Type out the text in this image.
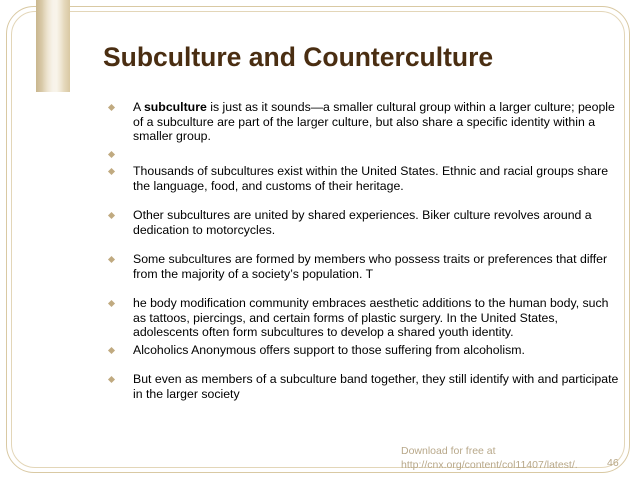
Subculture and Counterculture
A subculture is just as it sounds—a smaller cultural group within a larger culture; people of a subculture are part of the larger culture, but also share a specific identity within a smaller group.
Thousands of subcultures exist within the United States. Ethnic and racial groups share the language, food, and customs of their heritage.
Other subcultures are united by shared experiences. Biker culture revolves around a dedication to motorcycles.
Some subcultures are formed by members who possess traits or preferences that differ from the majority of a society’s population. T
he body modification community embraces aesthetic additions to the human body, such as tattoos, piercings, and certain forms of plastic surgery. In the United States, adolescents often form subcultures to develop a shared youth identity.
Alcoholics Anonymous offers support to those suffering from alcoholism.
But even as members of a subculture band together, they still identify with and participate in the larger society
Download for free at
http://cnx.org/content/col11407/latest/.	46
